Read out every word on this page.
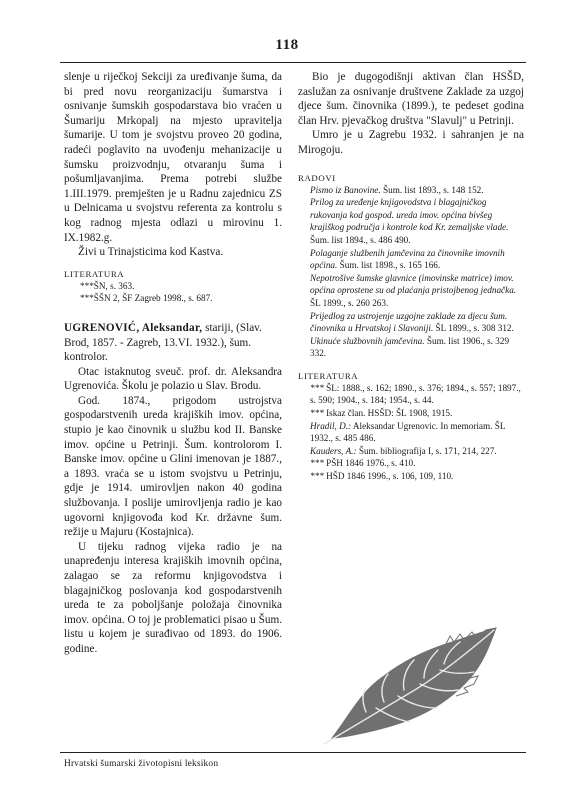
118

slenje u riječkoj Sekciji za uređivanje šuma, da bi pred novu reorganizaciju šumarstva i osnivanje šumskih gospodarstava bio vraćen u Šumariju Mrkopalj na mjesto upravitelja šumarije. U tom je svojstvu proveo 20 godina, radeći poglavito na uvođenju mehanizacije u šumsku proizvodnju, otvaranju šuma i pošumljavanjima. Prema potrebi službe 1.III.1979. premješten je u Radnu zajednicu ZS u Delnicama u svojstvu referenta za kontrolu s kog radnog mjesta odlazi u mirovinu 1. IX.1982.g.

Živi u Trinajsticima kod Kastva.

LITERATURA

***ŠN, s. 363.

***ŠŠN 2, ŠF Zagreb 1998., s. 687.

UGRENOVIĆ, Aleksandar, stariji, (Slav. Brod, 1857. - Zagreb, 13.VI. 1932.), šum. kontrolor.

Otac istaknutog sveuč. prof. dr. Aleksandra Ugrenovića. Školu je polazio u Slav. Brodu.

God. 1874., prigodom ustrojstva gospodarstvenih ureda krajiških imov. općina, stupio je kao činovnik u službu kod II. Banske imov. općine u Petrinji. Šum. kontrolorom I. Banske imov. općine u Glini imenovan je 1887., a 1893. vraća se u istom svojstvu u Petrinju, gdje je 1914. umirovljen nakon 40 godina službovanja. I poslije umirovljenja radio je kao ugovorni knjigovođa kod Kr. državne šum. režije u Majuru (Kostajnica).

U tijeku radnog vijeka radio je na unapređenju interesa krajiških imovnih općina, zalagao se za reformu knjigovodstva i blagajničkog poslovanja kod gospodarstvenih ureda te za poboljšanje položaja činovnika imov. općina. O toj je problematici pisao u Šum. listu u kojem je surađivao od 1893. do 1906. godine.

Bio je dugogodišnji aktivan član HSŠD, zaslužan za osnivanje društvene Zaklade za uzgoj djece šum. činovnika (1899.), te pedeset godina član Hrv. pjevačkog društva "Slavulj" u Petrinji.

Umro je u Zagrebu 1932. i sahranjen je na Mirogoju.

RADOVI

Pismo iz Banovine. Šum. list 1893., s. 148 152.

Prilog za uređenje knjigovodstva i blagajničkog rukovanja kod gospod. ureda imov. općina bivšeg krajiškog područja i kontrole kod Kr. zemaljske vlade. Šum. list 1894., s. 486 490.

Polaganje službenih jamčevina za činovnike imovnih općina. Šum. list 1898., s. 165 166.

Nepotrošive šumske glavnice (imovinske matrice) imov. općina oprostene su od plaćanja pristojbenog jednačka. ŠL 1899., s. 260 263.

Prijedlog za ustrojenje uzgojne zaklade za djecu šum. činovnika u Hrvatskoj i Slavoniji. ŠL 1899., s. 308 312.

Ukinuće službovnih jamčevina. Šum. list 1906., s. 329 332.

LITERATURA

*** ŠL: 1888., s. 162; 1890., s. 376; 1894., s. 557; 1897., s. 590; 1904., s. 184; 1954., s. 44.

*** Iskaz član. HSŠD: ŠL 1908, 1915.

Hradil, D.: Aleksandar Ugrenovic. In memoriam. ŠL 1932., s. 485 486.

Kauders, A.: Šum. bibliografija I, s. 171, 214, 227.

*** PŠH 1846 1976., s. 410.

*** HŠD 1846 1996., s. 106, 109, 110.

Hrvatski šumarski životopisni leksikon
